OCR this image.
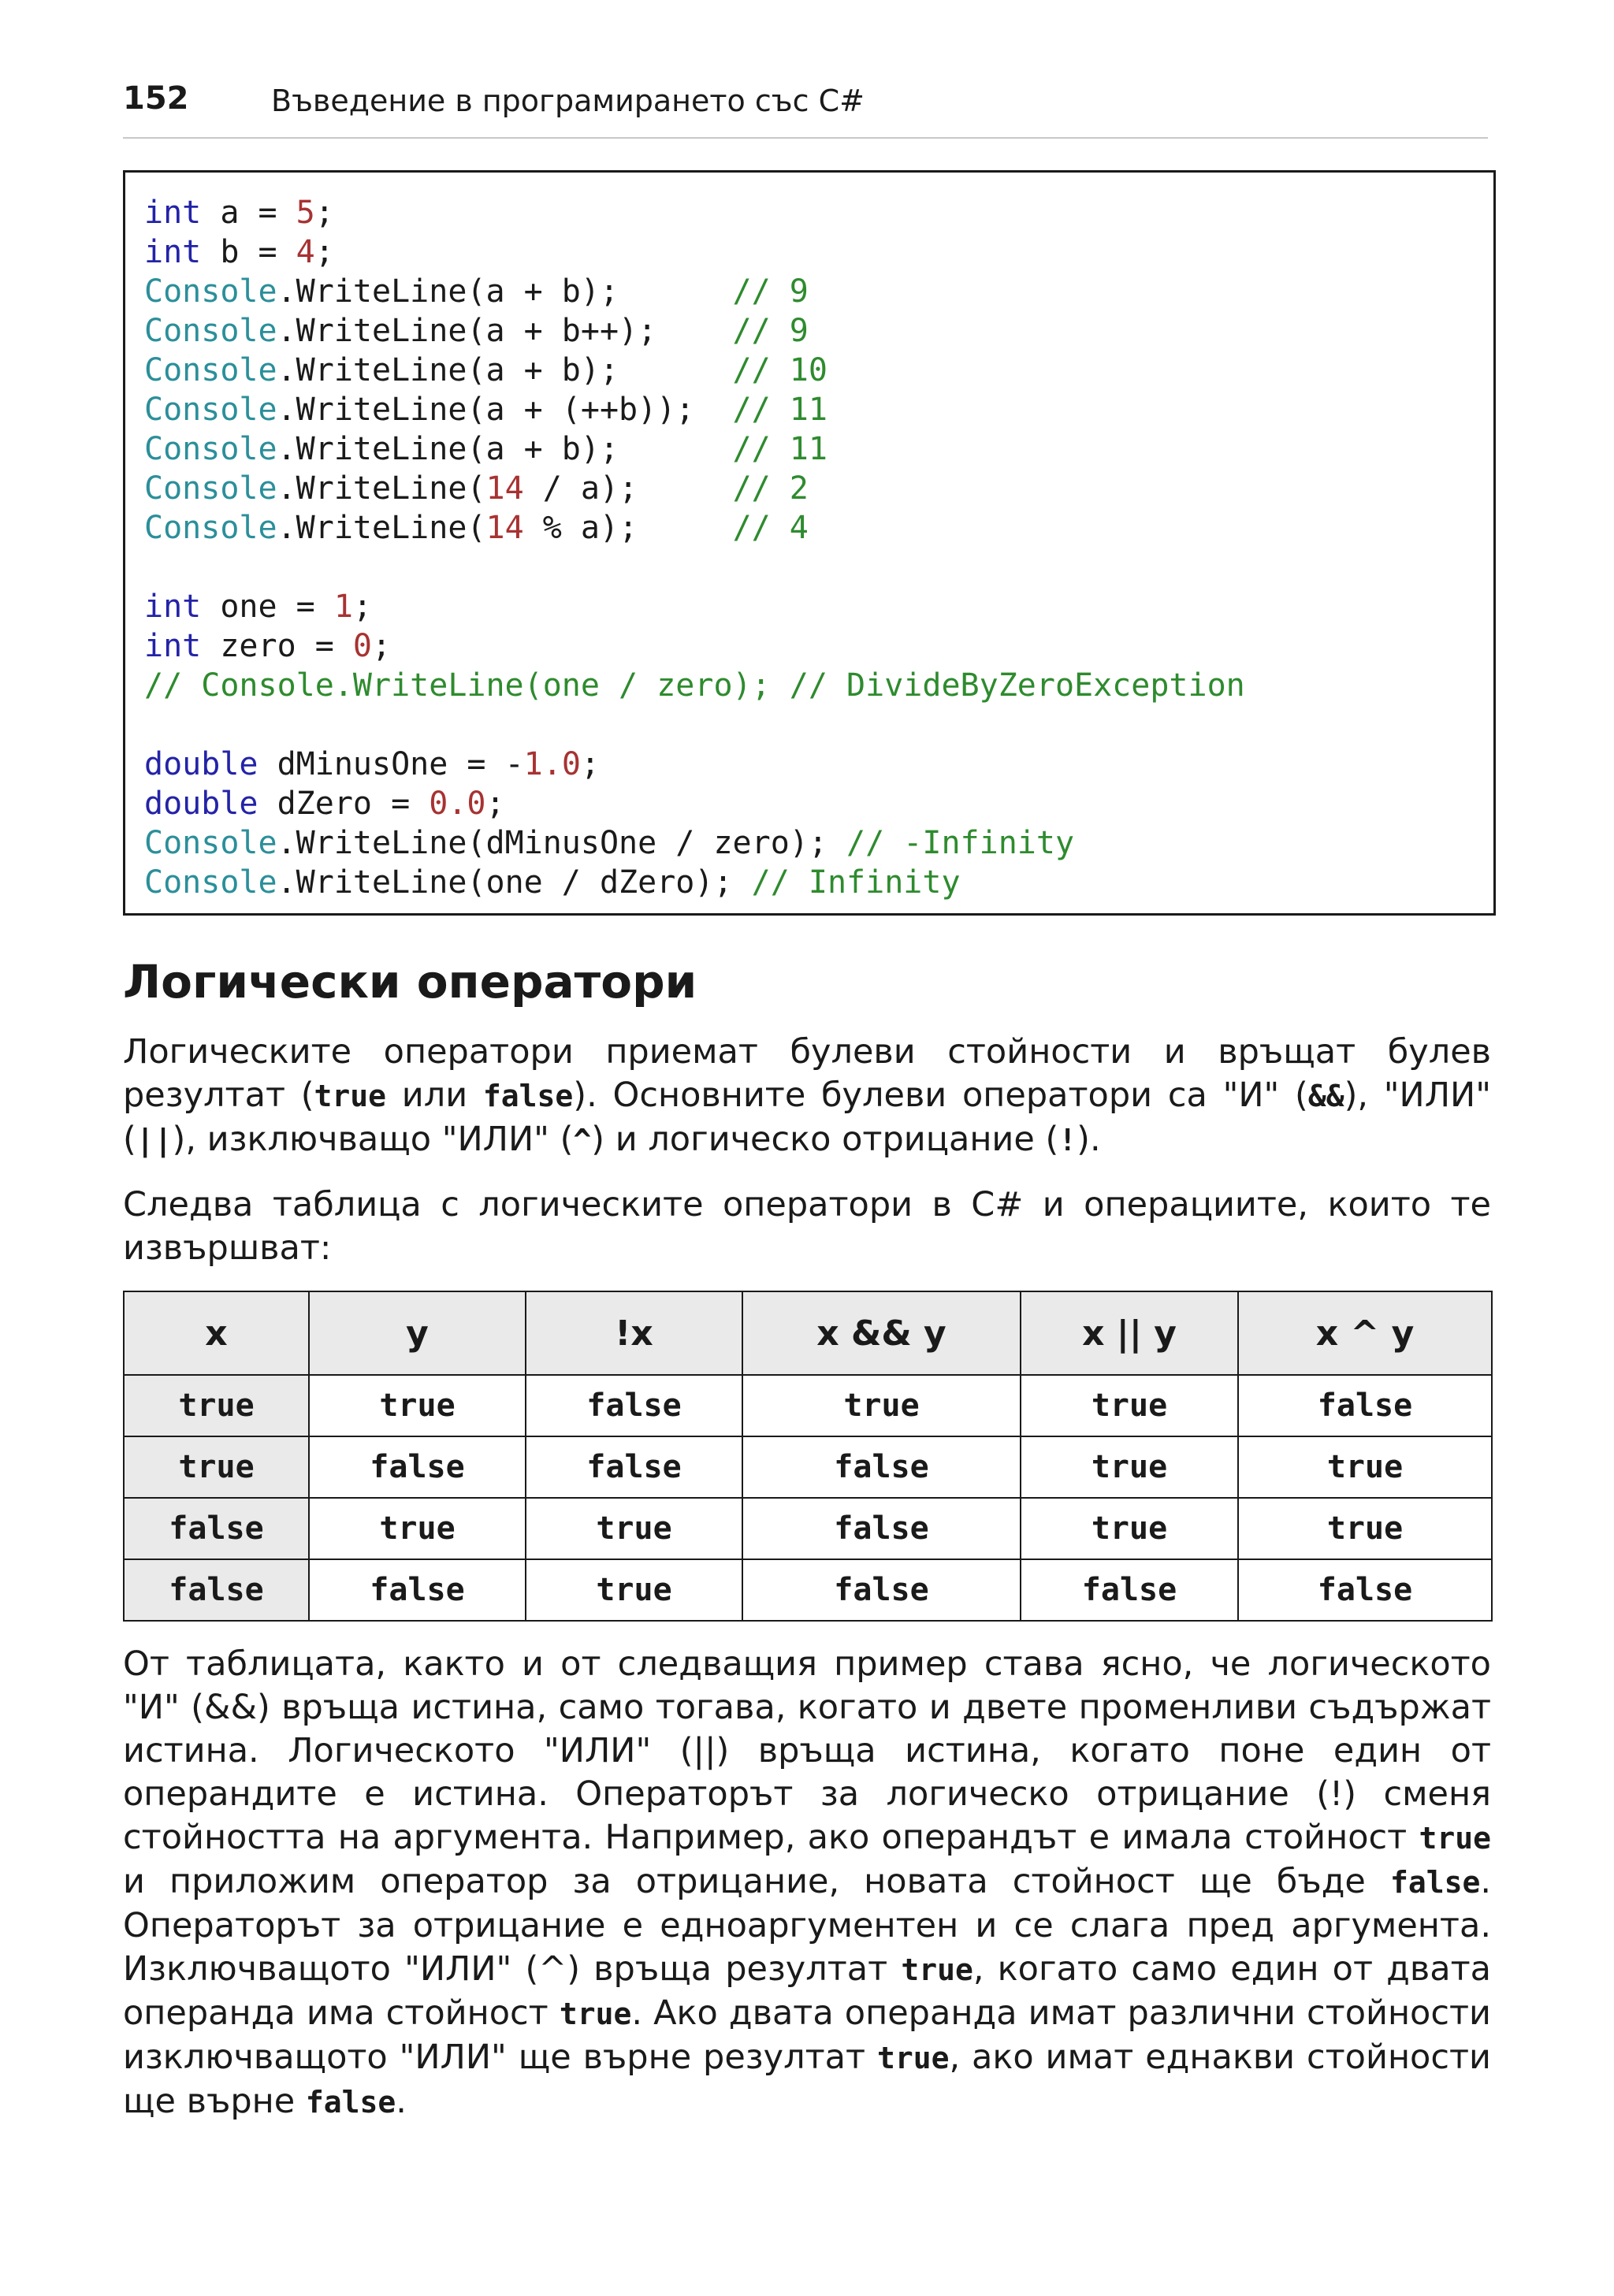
152	Въведение в програмирането със C#
int a = 5;
int b = 4;
Console.WriteLine(a + b);      // 9
Console.WriteLine(a + b++);    // 9
Console.WriteLine(a + b);      // 10
Console.WriteLine(a + (++b));  // 11
Console.WriteLine(a + b);      // 11
Console.WriteLine(14 / a);     // 2
Console.WriteLine(14 % a);     // 4

int one = 1;
int zero = 0;
// Console.WriteLine(one / zero); // DivideByZeroException

double dMinusOne = -1.0;
double dZero = 0.0;
Console.WriteLine(dMinusOne / zero); // -Infinity
Console.WriteLine(one / dZero); // Infinity
Логически оператори
Логическите оператори приемат булеви стойности и връщат булев резултат (true или false). Основните булеви оператори са "И" (&&), "ИЛИ" (||), изключващо "ИЛИ" (^) и логическо отрицание (!).
Следва таблица с логическите оператори в C# и операциите, които те извършват:
x	y	!x	x && y	x || y	x ^ y
true	true	false	true	true	false
true	false	false	false	true	true
false	true	true	false	true	true
false	false	true	false	false	false
От таблицата, както и от следващия пример става ясно, че логическото "И" (&&) връща истина, само тогава, когато и двете променливи съдържат истина. Логическото "ИЛИ" (||) връща истина, когато поне един от операндите е истина. Операторът за логическо отрицание (!) сменя стойността на аргумента. Например, ако операндът е имала стойност true и приложим оператор за отрицание, новата стойност ще бъде false. Операторът за отрицание е едноаргументен и се слага пред аргумента. Изключващото "ИЛИ" (^) връща резултат true, когато само един от двата операнда има стойност true. Ако двата операнда имат различни стойности изключващото "ИЛИ" ще върне резултат true, ако имат еднакви стойности ще върне false.
